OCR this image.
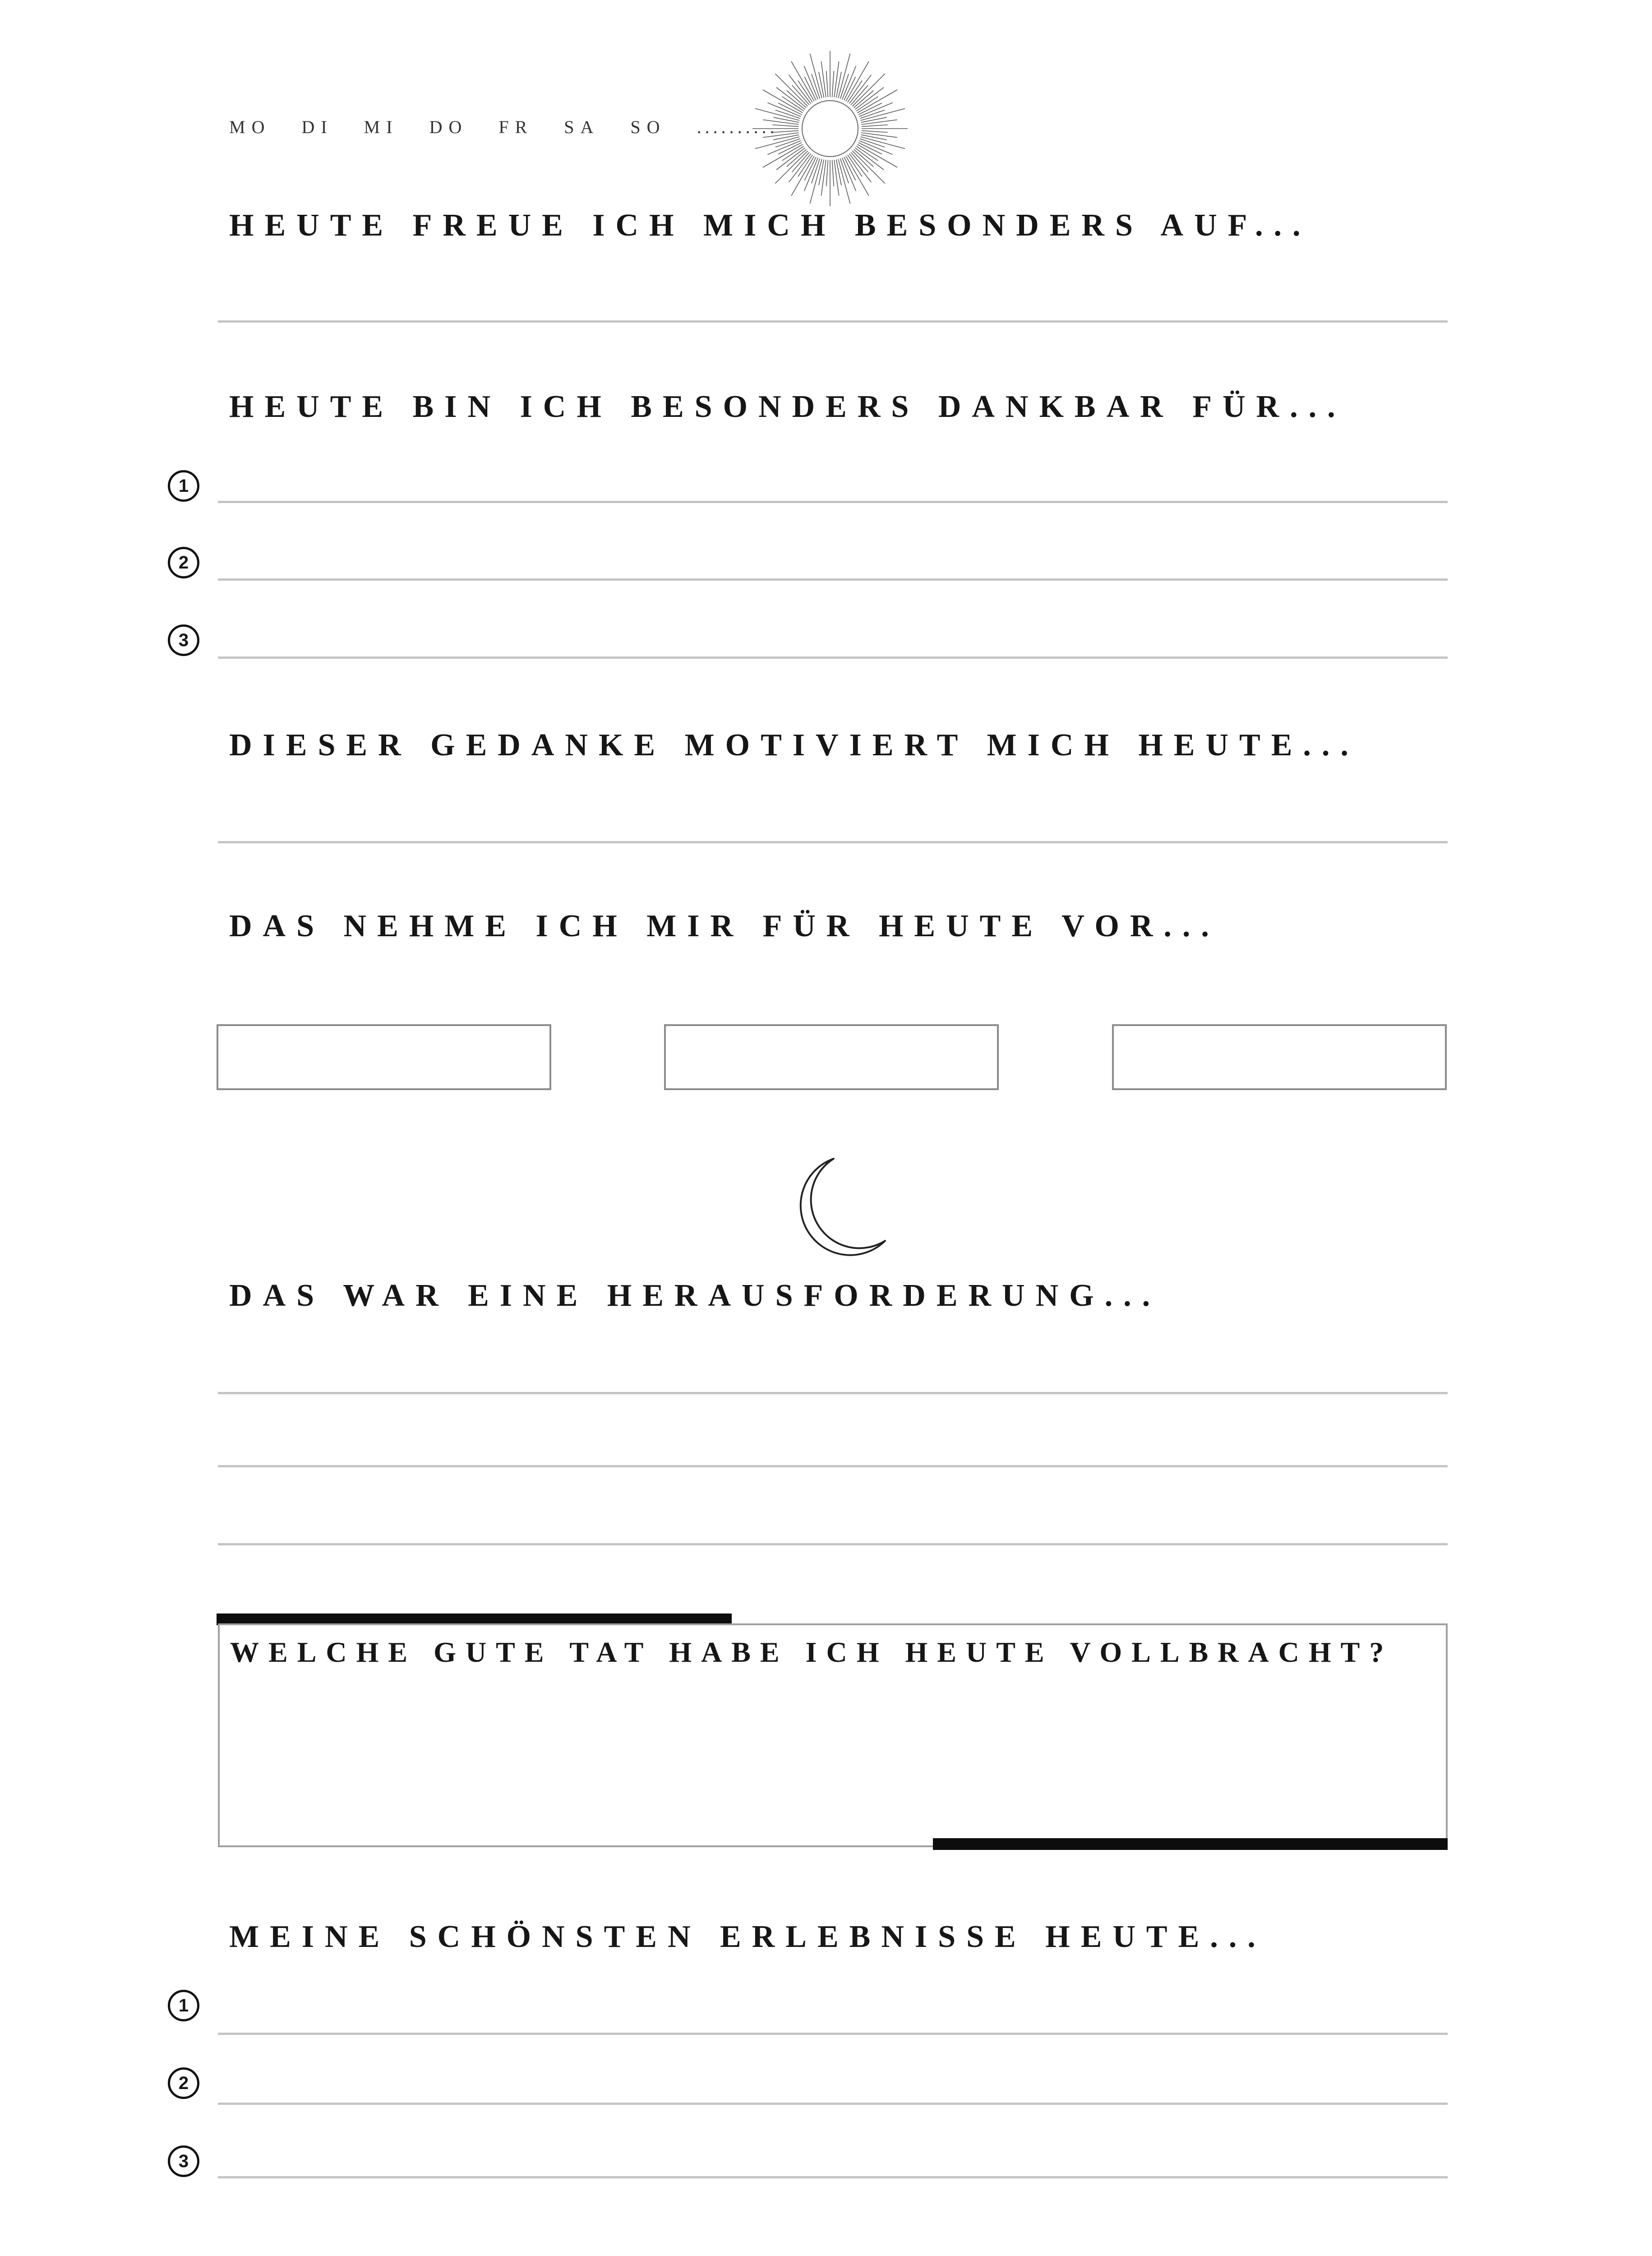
MO DI MI DO FR SA SO ..........
HEUTE FREUE ICH MICH BESONDERS AUF...
HEUTE BIN ICH BESONDERS DANKBAR FÜR...
1
2
3
DIESER GEDANKE MOTIVIERT MICH HEUTE...
DAS NEHME ICH MIR FÜR HEUTE VOR...
DAS WAR EINE HERAUSFORDERUNG...
WELCHE GUTE TAT HABE ICH HEUTE VOLLBRACHT?
MEINE SCHÖNSTEN ERLEBNISSE HEUTE...
1
2
3
